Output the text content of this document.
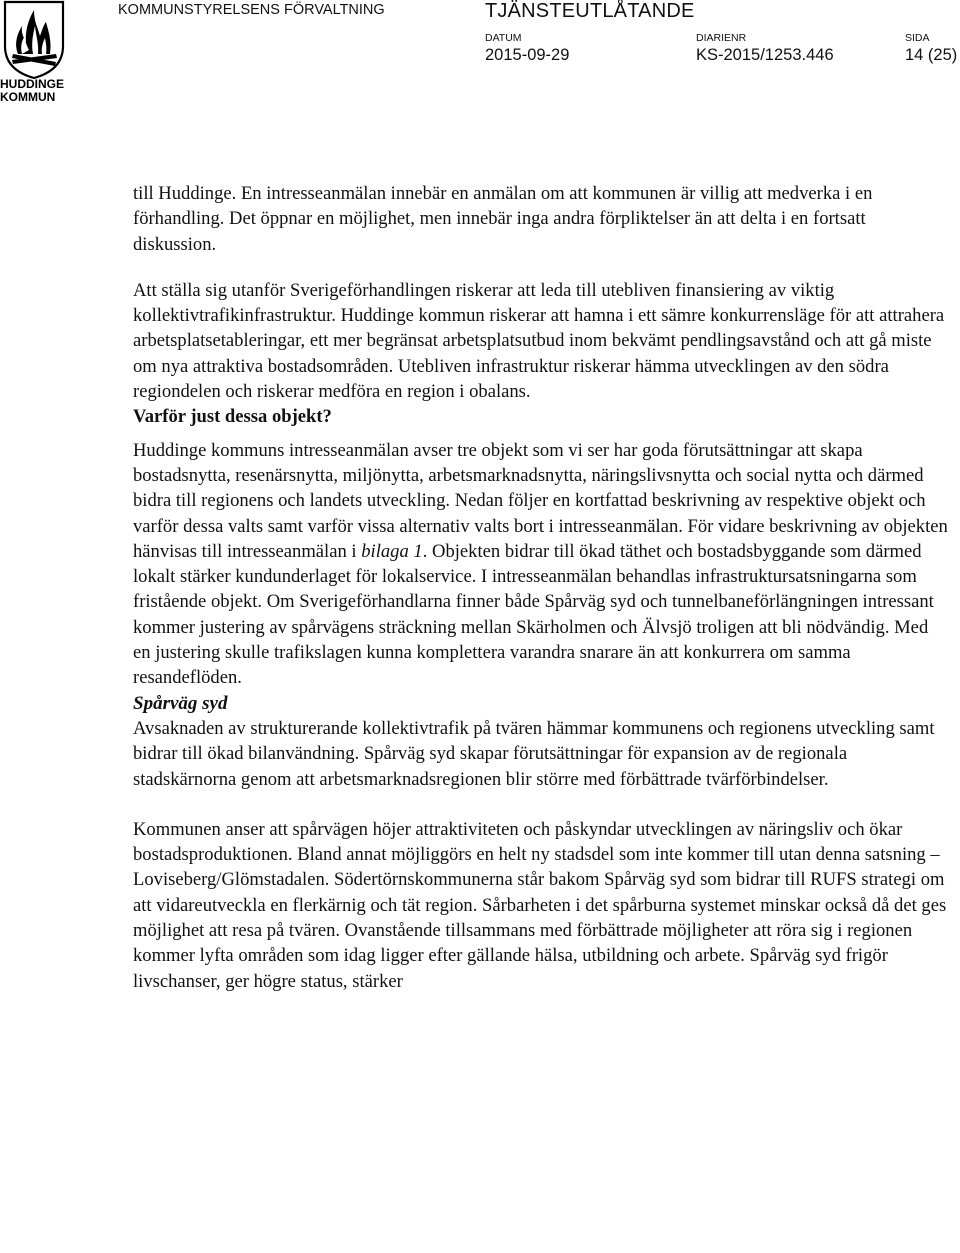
HUDDINGE
KOMMUN
KOMMUNSTYRELSENS FÖRVALTNING	TJÄNSTEUTLÅTANDE
DATUM
2015-09-29
DIARIENR
KS-2015/1253.446
SIDA
14 (25)

till Huddinge. En intresseanmälan innebär en anmälan om att kommunen är villig att medverka i en förhandling. Det öppnar en möjlighet, men innebär inga andra förpliktelser än att delta i en fortsatt diskussion.

Att ställa sig utanför Sverigeförhandlingen riskerar att leda till utebliven finansiering av viktig kollektivtrafikinfrastruktur. Huddinge kommun riskerar att hamna i ett sämre konkurrensläge för att attrahera arbetsplatsetableringar, ett mer begränsat arbetsplatsutbud inom bekvämt pendlingsavstånd och att gå miste om nya attraktiva bostadsområden. Utebliven infrastruktur riskerar hämma utvecklingen av den södra regiondelen och riskerar medföra en region i obalans.

Varför just dessa objekt?

Huddinge kommuns intresseanmälan avser tre objekt som vi ser har goda förutsättningar att skapa bostadsnytta, resenärsnytta, miljönytta, arbetsmarknadsnytta, näringslivsnytta och social nytta och därmed bidra till regionens och landets utveckling. Nedan följer en kortfattad beskrivning av respektive objekt och varför dessa valts samt varför vissa alternativ valts bort i intresseanmälan. För vidare beskrivning av objekten hänvisas till intresseanmälan i bilaga 1. Objekten bidrar till ökad täthet och bostadsbyggande som därmed lokalt stärker kundunderlaget för lokalservice. I intresseanmälan behandlas infrastruktursatsningarna som fristående objekt. Om Sverigeförhandlarna finner både Spårväg syd och tunnelbaneförlängningen intressant kommer justering av spårvägens sträckning mellan Skärholmen och Älvsjö troligen att bli nödvändig. Med en justering skulle trafikslagen kunna komplettera varandra snarare än att konkurrera om samma resandeflöden.

Spårväg syd

Avsaknaden av strukturerande kollektivtrafik på tvären hämmar kommunens och regionens utveckling samt bidrar till ökad bilanvändning. Spårväg syd skapar förutsättningar för expansion av de regionala stadskärnorna genom att arbetsmarknadsregionen blir större med förbättrade tvärförbindelser.

Kommunen anser att spårvägen höjer attraktiviteten och påskyndar utvecklingen av näringsliv och ökar bostadsproduktionen. Bland annat möjliggörs en helt ny stadsdel som inte kommer till utan denna satsning – Loviseberg/Glömstadalen. Södertörnskommunerna står bakom Spårväg syd som bidrar till RUFS strategi om att vidareutveckla en flerkärnig och tät region. Sårbarheten i det spårburna systemet minskar också då det ges möjlighet att resa på tvären. Ovanstående tillsammans med förbättrade möjligheter att röra sig i regionen kommer lyfta områden som idag ligger efter gällande hälsa, utbildning och arbete. Spårväg syd frigör livschanser, ger högre status, stärker
